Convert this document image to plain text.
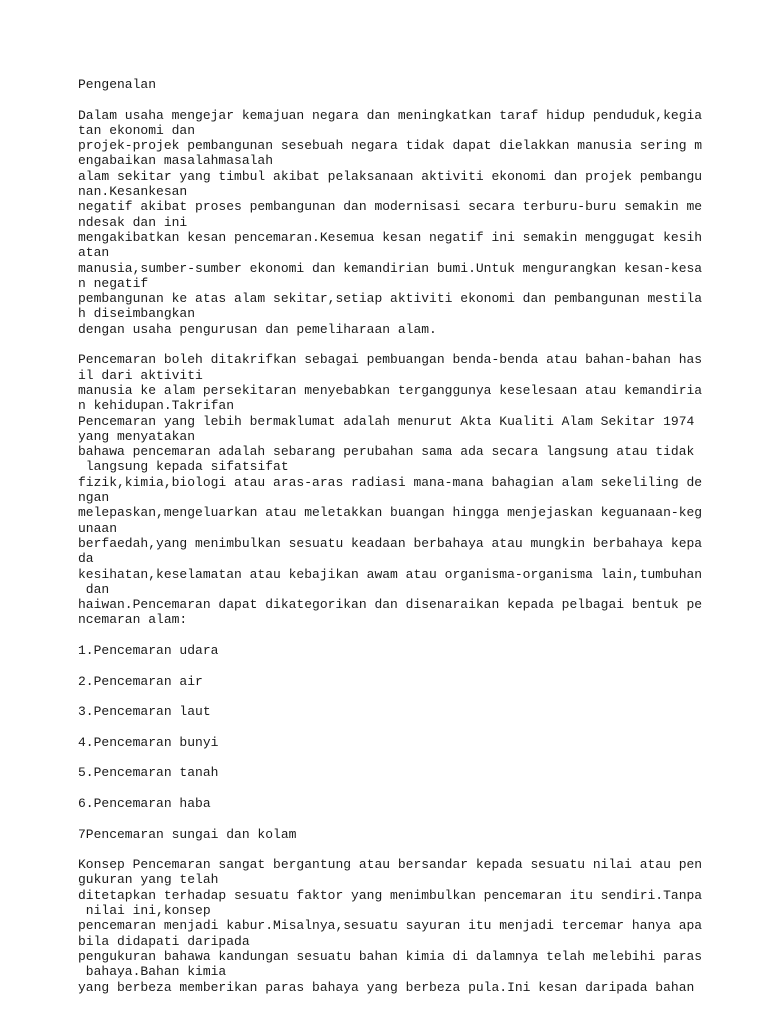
Pengenalan
Dalam usaha mengejar kemajuan negara dan meningkatkan taraf hidup penduduk,kegia
tan ekonomi dan
projek-projek pembangunan sesebuah negara tidak dapat dielakkan manusia sering m
engabaikan masalahmasalah
alam sekitar yang timbul akibat pelaksanaan aktiviti ekonomi dan projek pembangu
nan.Kesankesan
negatif akibat proses pembangunan dan modernisasi secara terburu-buru semakin me
ndesak dan ini
mengakibatkan kesan pencemaran.Kesemua kesan negatif ini semakin menggugat kesih
atan
manusia,sumber-sumber ekonomi dan kemandirian bumi.Untuk mengurangkan kesan-kesa
n negatif
pembangunan ke atas alam sekitar,setiap aktiviti ekonomi dan pembangunan mestila
h diseimbangkan
dengan usaha pengurusan dan pemeliharaan alam.
Pencemaran boleh ditakrifkan sebagai pembuangan benda-benda atau bahan-bahan has
il dari aktiviti
manusia ke alam persekitaran menyebabkan terganggunya keselesaan atau kemandiria
n kehidupan.Takrifan
Pencemaran yang lebih bermaklumat adalah menurut Akta Kualiti Alam Sekitar 1974
yang menyatakan
bahawa pencemaran adalah sebarang perubahan sama ada secara langsung atau tidak
langsung kepada sifatsifat
fizik,kimia,biologi atau aras-aras radiasi mana-mana bahagian alam sekeliling de
ngan
melepaskan,mengeluarkan atau meletakkan buangan hingga menjejaskan keguanaan-keg
unaan
berfaedah,yang menimbulkan sesuatu keadaan berbahaya atau mungkin berbahaya kepa
da
kesihatan,keselamatan atau kebajikan awam atau organisma-organisma lain,tumbuhan
dan
haiwan.Pencemaran dapat dikategorikan dan disenaraikan kepada pelbagai bentuk pe
ncemaran alam:
1.Pencemaran udara
2.Pencemaran air
3.Pencemaran laut
4.Pencemaran bunyi
5.Pencemaran tanah
6.Pencemaran haba
7Pencemaran sungai dan kolam
Konsep Pencemaran sangat bergantung atau bersandar kepada sesuatu nilai atau pen
gukuran yang telah
ditetapkan terhadap sesuatu faktor yang menimbulkan pencemaran itu sendiri.Tanpa
nilai ini,konsep
pencemaran menjadi kabur.Misalnya,sesuatu sayuran itu menjadi tercemar hanya apa
bila didapati daripada
pengukuran bahawa kandungan sesuatu bahan kimia di dalamnya telah melebihi paras
bahaya.Bahan kimia
yang berbeza memberikan paras bahaya yang berbeza pula.Ini kesan daripada bahan
